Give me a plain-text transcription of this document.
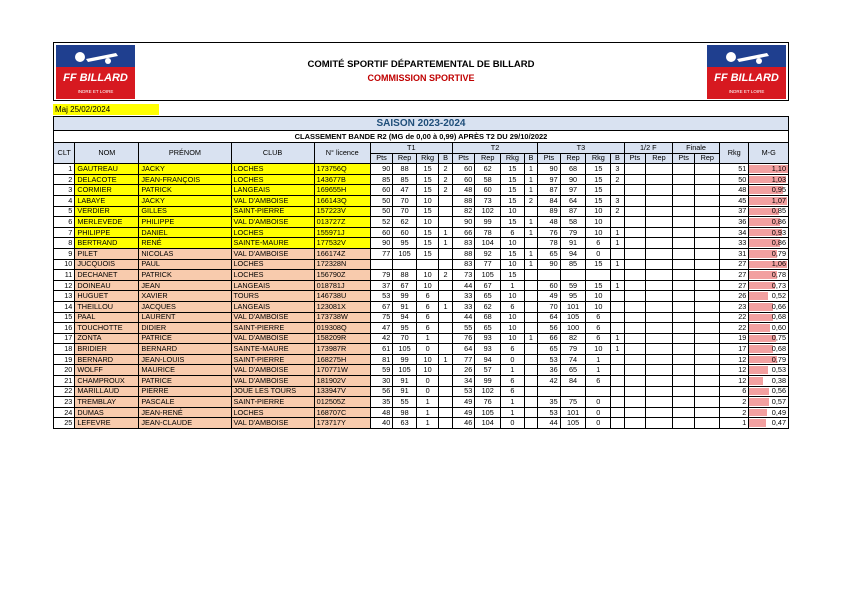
FF BILLARD
INDRE ET LOIRE
COMITÉ SPORTIF DÉPARTEMENTAL DE BILLARD
COMMISSION SPORTIVE	FF BILLARD
INDRE ET LOIRE
Maj 25/02/2024
SAISON 2023-2024																						
CLASSEMENT BANDE R2 (MG de 0,00 à 0,99) APRÈS T2 DU 29/10/2022																						
CLT	NOM	PRÉNOM	CLUB	N° licence	T1				T2				T3				1/2 F		Finale		Rkg	M-G
					Pts	Rep	Rkg	B	Pts	Rep	Rkg	B	Pts	Rep	Rkg	B	Pts	Rep	Pts	Rep		
1	GAUTREAU	JACKY	LOCHES	173756Q	90	88	15	2	60	62	15	1	90	68	15	3					51	1,10
2	DELACOTE	JEAN-FRANÇOIS	LOCHES	143677B	85	85	15	2	60	58	15	1	97	90	15	2					50	1,03
3	CORMIER	PATRICK	LANGEAIS	169655H	60	47	15	2	48	60	15	1	87	97	15						48	0,95
4	LABAYE	JACKY	VAL D'AMBOISE	166143Q	50	70	10		88	73	15	2	84	64	15	3					45	1,07
5	VERDIER	GILLES	SAINT-PIERRE	157223V	50	70	15		82	102	10		89	87	10	2					37	0,85
6	MERLEVEDE	PHILIPPE	VAL D'AMBOISE	013727Z	52	62	10		90	99	15	1	48	58	10						36	0,86
7	PHILIPPE	DANIEL	LOCHES	155971J	60	60	15	1	66	78	6	1	76	79	10	1					34	0,93
8	BERTRAND	RENÉ	SAINTE-MAURE	177532V	90	95	15	1	83	104	10		78	91	6	1					33	0,86
9	PILET	NICOLAS	VAL D'AMBOISE	166174Z	77	105	15		88	92	15	1	65	94	0						31	0,79
10	JUCQUOIS	PAUL	LOCHES	172328N					83	77	10	1	90	85	15	1					27	1,06
11	DECHANET	PATRICK	LOCHES	156790Z	79	88	10	2	73	105	15										27	0,78
12	DOINEAU	JEAN	LANGEAIS	018781J	37	67	10		44	67	1		60	59	15	1					27	0,73
13	HUGUET	XAVIER	TOURS	146738U	53	99	6		33	65	10		49	95	10						26	0,52
14	THEILLOU	JACQUES	LANGEAIS	123081X	67	91	6	1	33	62	6		70	101	10						23	0,66
15	PAAL	LAURENT	VAL D'AMBOISE	173738W	75	94	6		44	68	10		64	105	6						22	0,68
16	TOUCHOTTE	DIDIER	SAINT-PIERRE	019308Q	47	95	6		55	65	10		56	100	6						22	0,60
17	ZONTA	PATRICE	VAL D'AMBOISE	158209R	42	70	1		76	93	10	1	66	82	6	1					19	0,75
18	BRIDIER	BERNARD	SAINTE-MAURE	173987R	61	105	0		64	93	6		65	79	10	1					17	0,68
19	BERNARD	JEAN-LOUIS	SAINT-PIERRE	168275H	81	99	10	1	77	94	0		53	74	1						12	0,79
20	WOLFF	MAURICE	VAL D'AMBOISE	170771W	59	105	10		26	57	1		36	65	1						12	0,53
21	CHAMPROUX	PATRICE	VAL D'AMBOISE	181902V	30	91	0		34	99	6		42	84	6						12	0,38
22	MARILLAUD	PIERRE	JOUE LES TOURS	133947V	56	91	0		53	102	6										6	0,56
23	TREMBLAY	PASCALE	SAINT-PIERRE	012505Z	35	55	1		49	76	1		35	75	0						2	0,57
24	DUMAS	JEAN-RENÉ	LOCHES	168707C	48	98	1		49	105	1		53	101	0						2	0,49
25	LEFEVRE	JEAN-CLAUDE	VAL D'AMBOISE	173717Y	40	63	1		46	104	0		44	105	0						1	0,47
